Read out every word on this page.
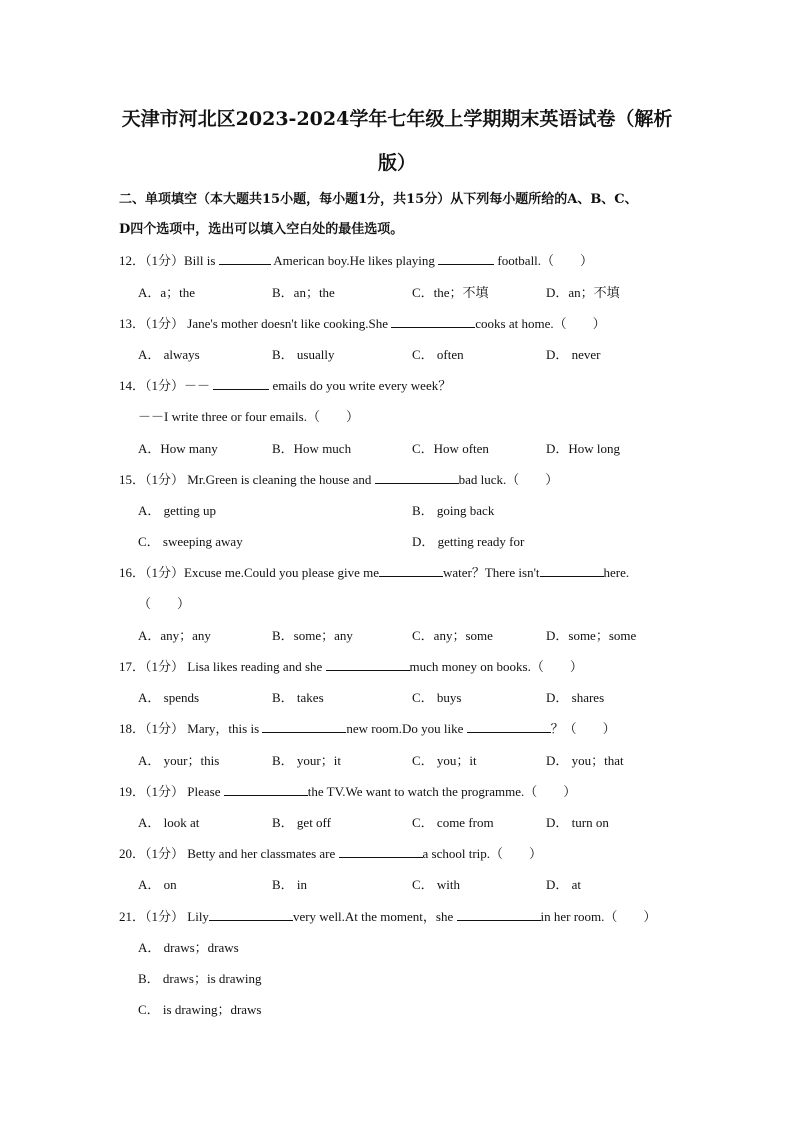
天津市河北区2023-2024学年七年级上学期期末英语试卷（解析
版）
二、单项填空（本大题共15小题，每小题1分，共15分）从下列每小题所给的A、B、C、
D四个选项中，选出可以填入空白处的最佳选项。
12．（1分）Bill is	American boy.He likes playing	football.（　　）
A．a；the	B．an；the	C．the；不填	D．an；不填
13．（1分） Jane's mother doesn't like cooking.She	cooks at home.（　　）
A． always	B． usually	C． often	D． never
14．（1分）－－	emails do you write every week？
－－I write three or four emails.（　　）
A．How many	B．How much	C．How often	D．How long
15．（1分） Mr.Green is cleaning the house and	bad luck.（　　）
A． getting up	B． going back
C． sweeping away	D． getting ready for
16．（1分）Excuse me.Could you please give me	water？There isn't	here.
（　　）
A．any；any	B．some；any	C．any；some	D．some；some
17．（1分） Lisa likes reading and she	much money on books.（　　）
A． spends	B． takes	C． buys	D． shares
18．（1分） Mary，this is	new room.Do you like	？（　　）
A． your；this	B． your；it	C． you；it	D． you；that
19．（1分） Please	the TV.We want to watch the programme.（　　）
A． look at	B． get off	C． come from	D． turn on
20．（1分） Betty and her classmates are	a school trip.（　　）
A． on	B． in	C． with	D． at
21．（1分） Lily	very well.At the moment，she	in her room.（　　）
A． draws；draws
B． draws；is drawing
C． is drawing；draws
